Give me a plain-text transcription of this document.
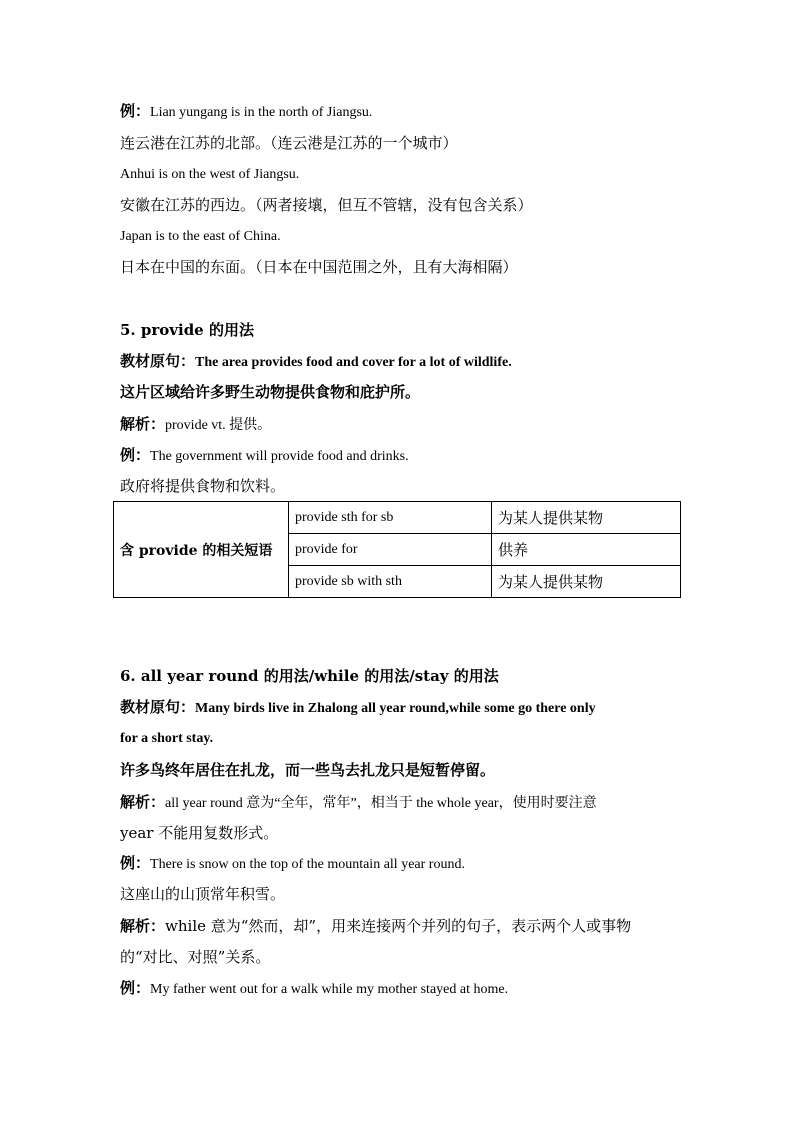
例：Lian yungang is in the north of Jiangsu.
连云港在江苏的北部。（连云港是江苏的一个城市）
Anhui is on the west of Jiangsu.
安徽在江苏的西边。（两者接壤，但互不管辖，没有包含关系）
Japan is to the east of China.
日本在中国的东面。（日本在中国范围之外，且有大海相隔）
5. provide 的用法
教材原句：The area provides food and cover for a lot of wildlife.
这片区域给许多野生动物提供食物和庇护所。
解析：provide vt. 提供。
例：The government will provide food and drinks.
政府将提供食物和饮料。
含 provide 的相关短语	provide sth for sb	为某人提供某物
	provide for	供养
	provide sb with sth	为某人提供某物
6. all year round 的用法/while 的用法/stay 的用法
教材原句：Many birds live in Zhalong all year round,while some go there only
for a short stay.
许多鸟终年居住在扎龙，而一些鸟去扎龙只是短暂停留。
解析：all year round 意为“全年，常年”，相当于 the whole year，使用时要注意
year 不能用复数形式。
例：There is snow on the top of the mountain all year round.
这座山的山顶常年积雪。
解析：while 意为“然而，却”，用来连接两个并列的句子，表示两个人或事物
的“对比、对照”关系。
例：My father went out for a walk while my mother stayed at home.
